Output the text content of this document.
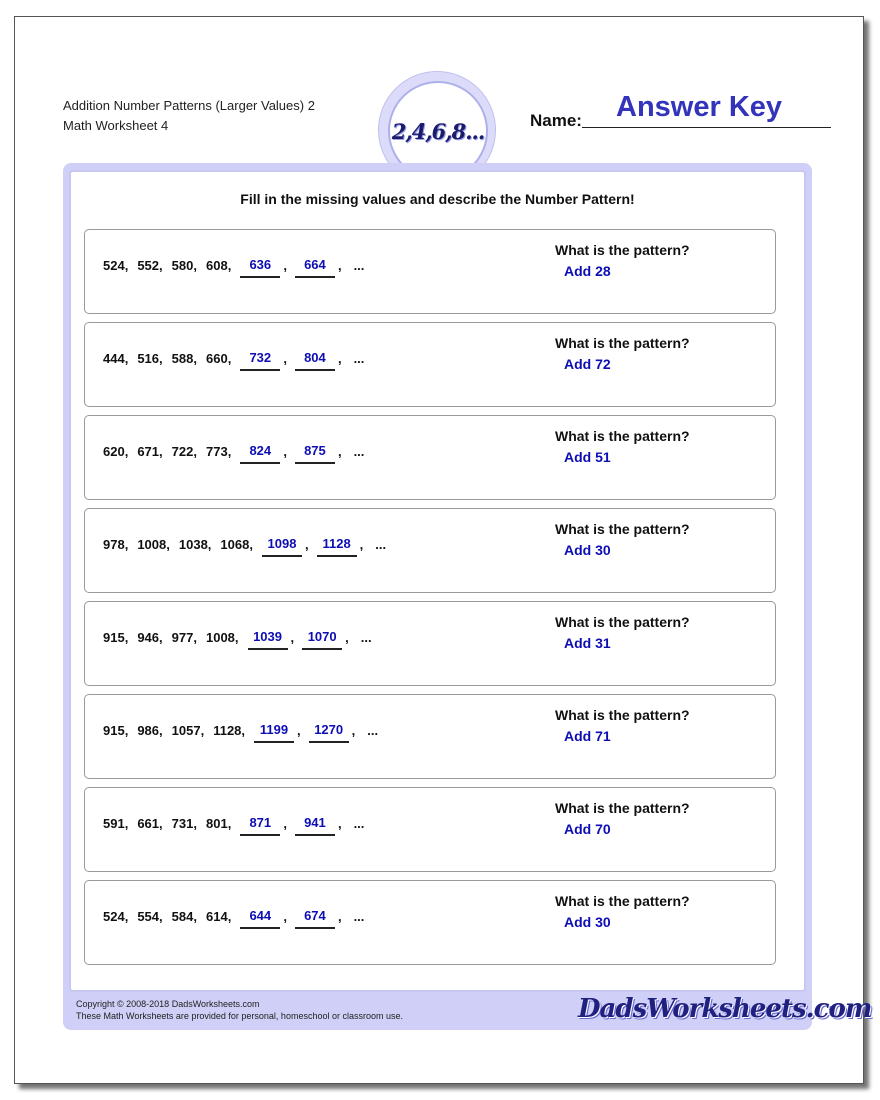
Addition Number Patterns (Larger Values) 2
Math Worksheet 4	2,4,6,8...	Name: Answer Key
Fill in the missing values and describe the Number Pattern!
524 , 552 , 580 , 608 ,	636 ,	664 , ...
What is the pattern?
Add 28
444 , 516 , 588 , 660 ,	732 ,	804 , ...
What is the pattern?
Add 72
620 , 671 , 722 , 773 ,	824 ,	875 , ...
What is the pattern?
Add 51
978 , 1008 , 1038 , 1068 ,	1098 ,	1128 , ...
What is the pattern?
Add 30
915 , 946 , 977 , 1008 ,	1039 ,	1070 , ...
What is the pattern?
Add 31
915 , 986 , 1057 , 1128 ,	1199 ,	1270 , ...
What is the pattern?
Add 71
591 , 661 , 731 , 801 ,	871 ,	941 , ...
What is the pattern?
Add 70
524 , 554 , 584 , 614 ,	644 ,	674 , ...
What is the pattern?
Add 30
Copyright © 2008-2018 DadsWorksheets.com
These Math Worksheets are provided for personal, homeschool or classroom use.	DadsWorksheets.com
